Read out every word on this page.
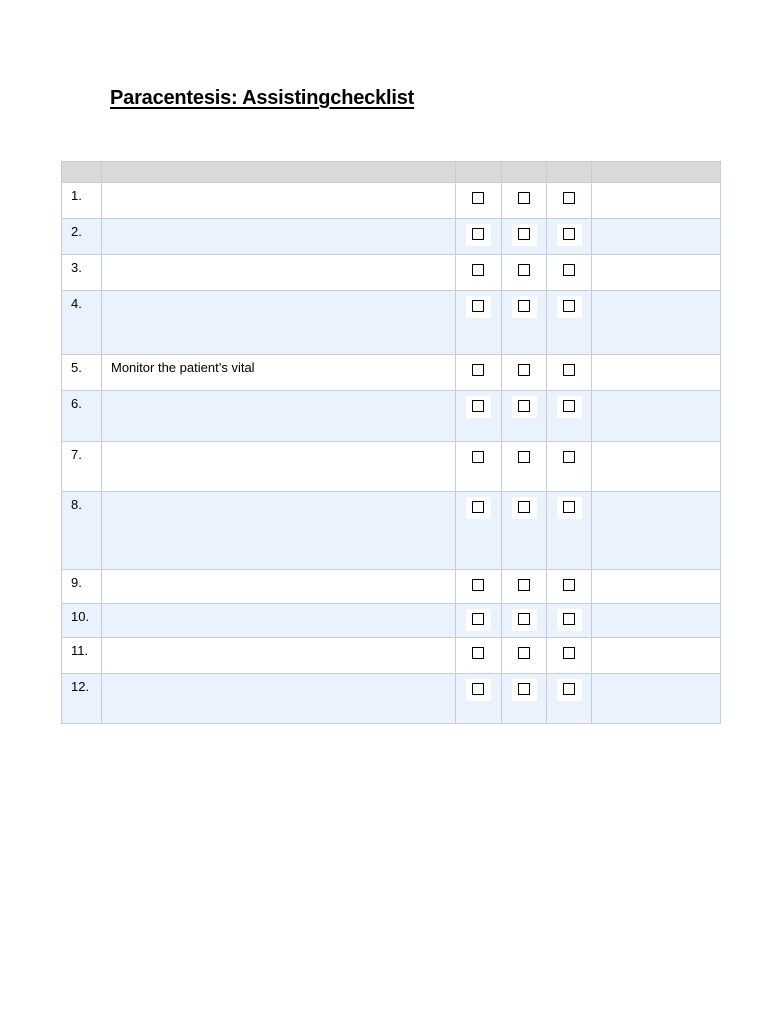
Paracentesis: Assistingchecklist

1.		

2.		

3.		

4.		

5.	Monitor the patient’s vital	

6.		

7.		

8.		

9.		

10.		

11.		

12.		
